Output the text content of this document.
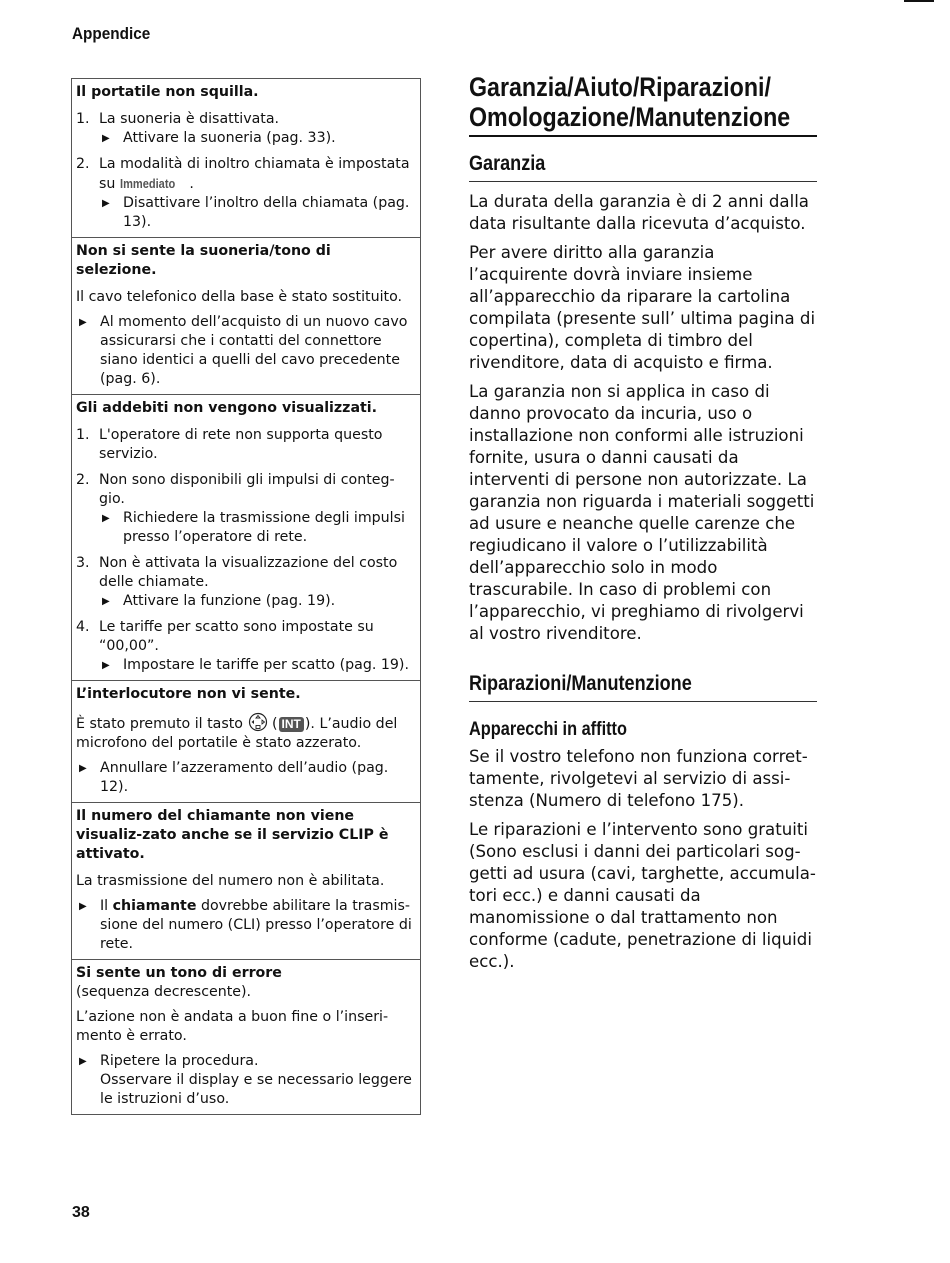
Appendice
Il portatile non squilla.
1. La suoneria è disattivata.
▶ Attivare la suoneria (pag. 33).
2. La modalità di inoltro chiamata è impostata
su Immediato .
▶ Disattivare l’inoltro della chiamata (pag. 13).
Non si sente la suoneria/tono di selezione.
Il cavo telefonico della base è stato sostituito.
▶ Al momento dell’acquisto di un nuovo cavo assicurarsi che i contatti del connettore siano identici a quelli del cavo precedente (pag. 6).
Gli addebiti non vengono visualizzati.
1. L'operatore di rete non supporta questo servizio.
2. Non sono disponibili gli impulsi di conteg-gio.
▶ Richiedere la trasmissione degli impulsi presso l’operatore di rete.
3. Non è attivata la visualizzazione del costo delle chiamate.
▶ Attivare la funzione (pag. 19).
4. Le tariffe per scatto sono impostate su “00,00”.
▶ Impostare le tariffe per scatto (pag. 19).
L’interlocutore non vi sente.
È stato premuto il tasto  ( INT ). L’audio del microfono del portatile è stato azzerato.
▶ Annullare l’azzeramento dell’audio (pag. 12).
Il numero del chiamante non viene visualiz-zato anche se il servizio CLIP è attivato.
La trasmissione del numero non è abilitata.
▶ Il chiamante dovrebbe abilitare la trasmis-sione del numero (CLI) presso l’operatore di rete.
Si sente un tono di errore
(sequenza decrescente).
L’azione non è andata a buon fine o l’inseri-mento è errato.
▶ Ripetere la procedura.
Osservare il display e se necessario leggere le istruzioni d’uso.
Garanzia/Aiuto/Riparazioni/
Omologazione/Manutenzione
Garanzia

La durata della garanzia è di 2 anni dalla data risultante dalla ricevuta d’acquisto.

Per avere diritto alla garanzia l’acquirente dovrà inviare insieme all’apparecchio da riparare la cartolina compilata (presente sull’ ultima pagina di copertina), completa di timbro del rivenditore, data di acquisto e firma.

La garanzia non si applica in caso di danno provocato da incuria, uso o installazione non conformi alle istruzioni fornite, usura o danni causati da interventi di persone non autorizzate. La garanzia non riguarda i materiali soggetti ad usure e neanche quelle carenze che regiudicano il valore o l’utilizzabilità dell’apparecchio solo in modo trascurabile. In caso di problemi con l’apparecchio, vi preghiamo di rivolgervi al vostro rivenditore.

Riparazioni/Manutenzione
Apparecchi in affitto

Se il vostro telefono non funziona corret-tamente, rivolgetevi al servizio di assi-stenza (Numero di telefono 175).

Le riparazioni e l’intervento sono gratuiti (Sono esclusi i danni dei particolari sog-getti ad usura (cavi, targhette, accumula-tori ecc.) e danni causati da manomissione o dal trattamento non conforme (cadute, penetrazione di liquidi ecc.).

38
